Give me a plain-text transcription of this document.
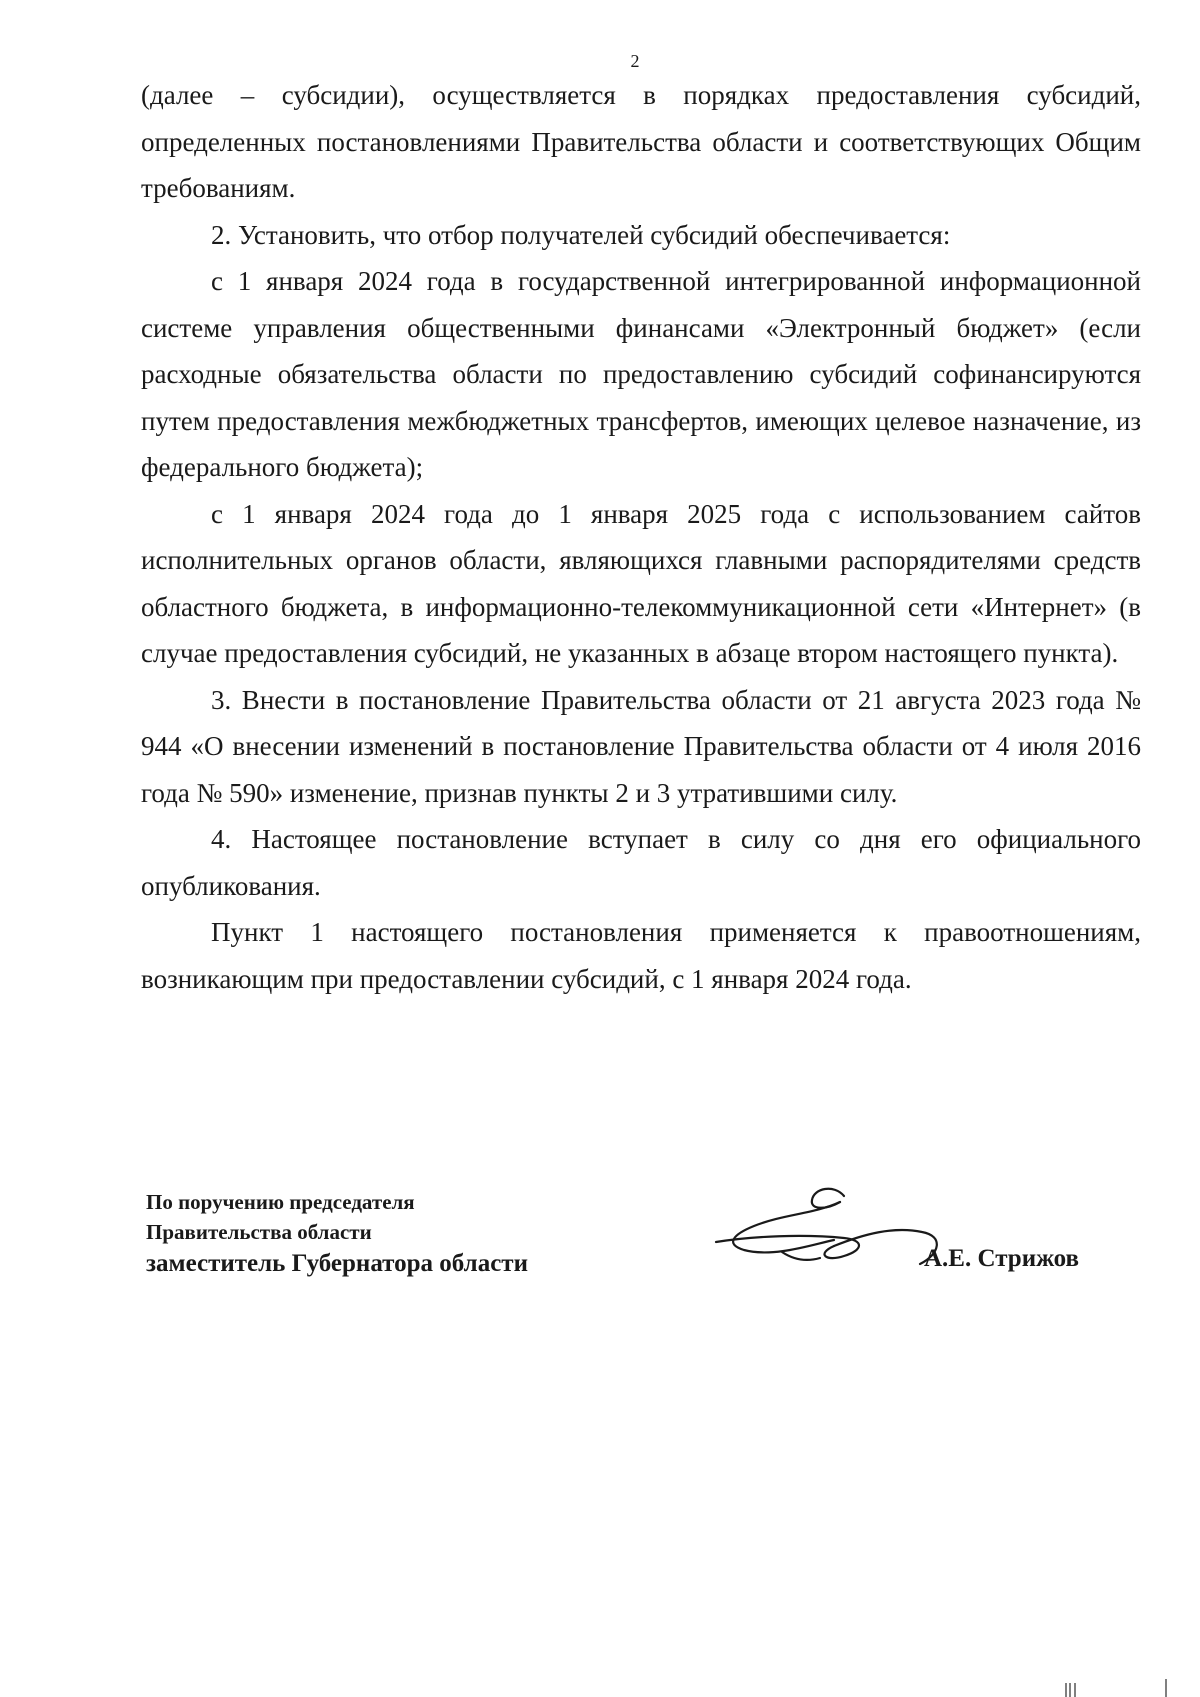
2

(далее – субсидии), осуществляется в порядках предоставления субсидий, определенных постановлениями Правительства области и соответствующих Общим требованиям.

2. Установить, что отбор получателей субсидий обеспечивается:

с 1 января 2024 года в государственной интегрированной информационной системе управления общественными финансами «Электронный бюджет» (если расходные обязательства области по предоставлению субсидий софинансируются путем предоставления межбюджетных трансфертов, имеющих целевое назначение, из федерального бюджета);

с 1 января 2024 года до 1 января 2025 года с использованием сайтов исполнительных органов области, являющихся главными распорядителями средств областного бюджета, в информационно-телекоммуникационной сети «Интернет» (в случае предоставления субсидий, не указанных в абзаце втором настоящего пункта).

3. Внести в постановление Правительства области от 21 августа 2023 года № 944 «О внесении изменений в постановление Правительства области от 4 июля 2016 года № 590» изменение, признав пункты 2 и 3 утратившими силу.

4. Настоящее постановление вступает в силу со дня его официального опубликования.

Пункт 1 настоящего постановления применяется к правоотношениям, возникающим при предоставлении субсидий, с 1 января 2024 года.

По поручению председателя
Правительства области
заместитель Губернатора области	А.Е. Стрижов
